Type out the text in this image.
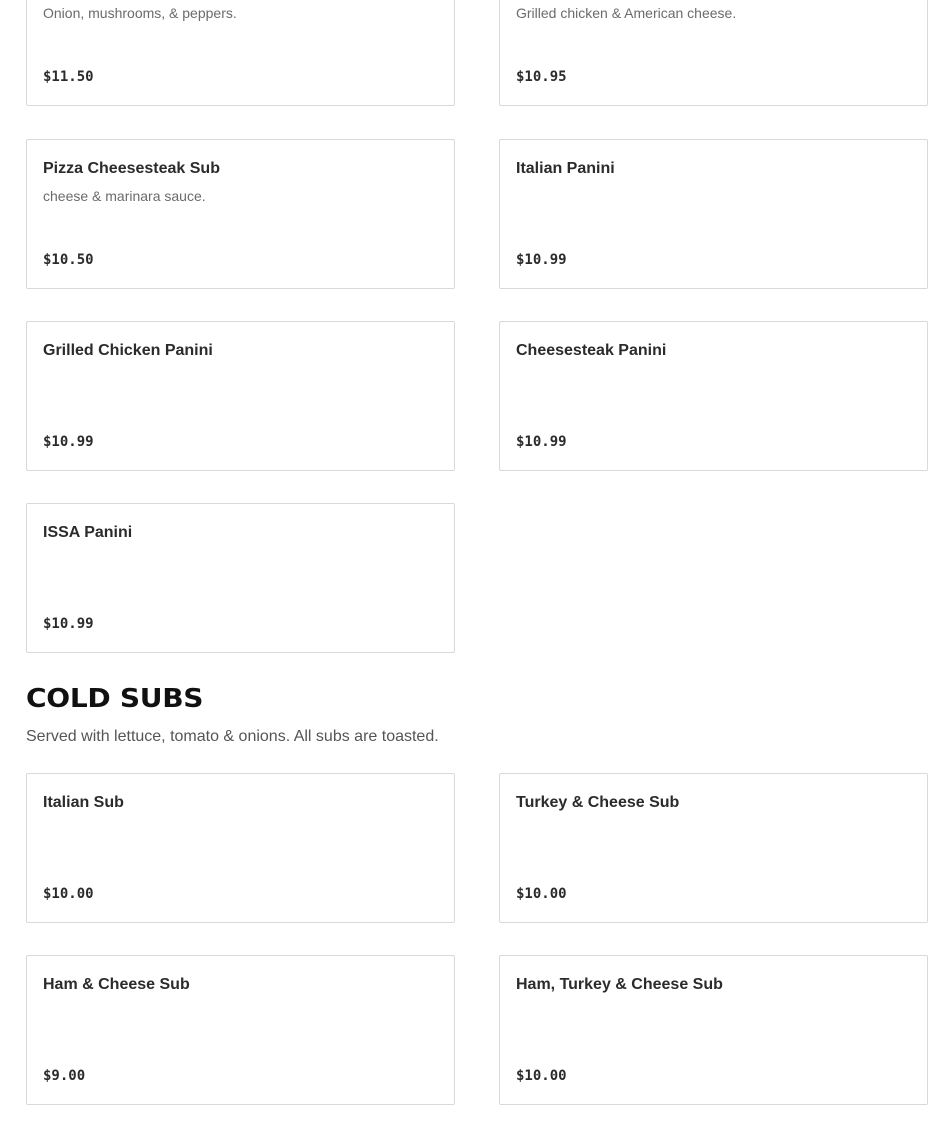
Onion, mushrooms, & peppers.
$11.50
Grilled chicken & American cheese.
$10.95
Pizza Cheesesteak Sub
cheese & marinara sauce.
$10.50
Italian Panini
$10.99
Grilled Chicken Panini
$10.99
Cheesesteak Panini
$10.99
ISSA Panini
$10.99
COLD SUBS

Served with lettuce, tomato & onions. All subs are toasted.

Italian Sub
$10.00
Turkey & Cheese Sub
$10.00
Ham & Cheese Sub
$9.00
Ham, Turkey & Cheese Sub
$10.00
